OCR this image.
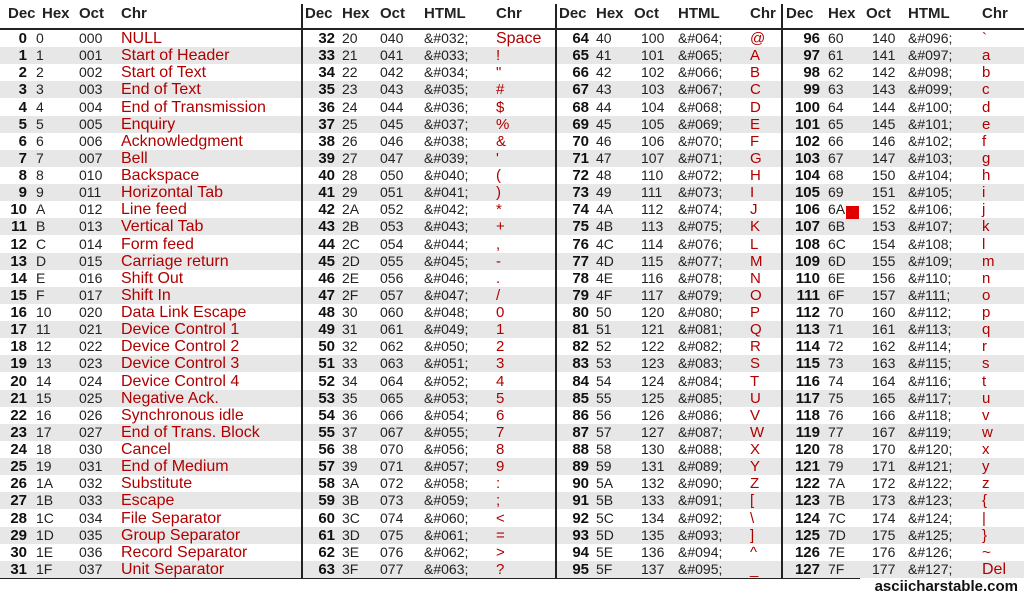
Dec Hex Oct Chr	Dec Hex Oct HTML Chr Dec Hex Oct HTML Chr Dec Hex Oct HTML Chr
0 0	000	NULL	32 20	040	&#032;	Space	64 40	100 &#064;	@	96 60	140 &#096;	`
1 1	001	Start of Header	33 21	041	&#033;	!	65 41	101 &#065;	A	97 61	141 &#097;	a
2 2	002	Start of Text	34 22	042	&#034;	"	66 42	102 &#066;	B	98 62	142 &#098;	b
3 3	003	End of Text	35 23	043	&#035;	#	67 43	103 &#067;	C	99 63	143 &#099;	c
4 4	004	End of Transmission	36 24	044	&#036;	$	68 44	104 &#068;	D	100 64	144 &#100;	d
5 5	005	Enquiry	37 25	045	&#037;	%	69 45	105 &#069;	E	101 65	145 &#101;	e
6 6	006	Acknowledgment	38 26	046	&#038;	&	70 46	106 &#070;	F	102 66	146 &#102;	f
7 7	007	Bell	39 27	047	&#039;	'	71 47	107 &#071;	G	103 67	147 &#103;	g
8 8	010	Backspace	40 28	050	&#040;	(	72 48	110	&#072;	H	104 68	150 &#104;	h
9 9	011	Horizontal Tab	41 29	051	&#041;	)	73 49	111	&#073;	I	105 69	151 &#105;	i
10 A	012	Line feed	42 2A	052	&#042;	*	74 4A	112	&#074;	J	106 6A	152 &#106;	j
11 B	013	Vertical Tab	43 2B	053	&#043;	+	75 4B	113	&#075;	K	107 6B	153 &#107;	k
12 C	014	Form feed	44 2C	054	&#044;	,	76 4C	114	&#076;	L	108 6C	154 &#108;	l
13 D	015	Carriage return	45 2D	055	&#045;	-	77 4D	115	&#077;	M	109 6D	155 &#109;	m
14 E	016	Shift Out	46 2E	056	&#046;	.	78 4E	116	&#078;	N	110 6E	156 &#110;	n
15 F	017	Shift In	47 2F	057	&#047;	/	79 4F	117	&#079;	O	111 6F	157 &#111;	o
16 10	020	Data Link Escape	48 30	060	&#048;	0	80 50	120 &#080;	P	112 70	160 &#112;	p
17 11	021	Device Control 1	49 31	061	&#049;	1	81 51	121 &#081;	Q	113 71	161 &#113;	q
18 12	022	Device Control 2	50 32	062	&#050;	2	82 52	122 &#082;	R	114 72	162 &#114;	r
19 13	023	Device Control 3	51 33	063	&#051;	3	83 53	123 &#083;	S	115 73	163 &#115;	s
20 14	024	Device Control 4	52 34	064	&#052;	4	84 54	124 &#084;	T	116 74	164 &#116;	t
21 15	025	Negative Ack.	53 35	065	&#053;	5	85 55	125 &#085;	U	117 75	165 &#117;	u
22 16	026	Synchronous idle	54 36	066	&#054;	6	86 56	126 &#086;	V	118 76	166 &#118;	v
23 17	027	End of Trans. Block	55 37	067	&#055;	7	87 57	127 &#087;	W	119 77	167 &#119;	w
24 18	030	Cancel	56 38	070	&#056;	8	88 58	130 &#088;	X	120 78	170 &#120;	x
25 19	031	End of Medium	57 39	071	&#057;	9	89 59	131 &#089;	Y	121 79	171 &#121;	y
26 1A	032	Substitute	58 3A	072	&#058;	:	90 5A	132 &#090;	Z	122 7A	172 &#122;	z
27 1B	033	Escape	59 3B	073	&#059;	;	91 5B	133 &#091;	[	123 7B	173 &#123;	{
28 1C	034	File Separator	60 3C	074	&#060;	<	92 5C	134 &#092;	\	124 7C	174 &#124;	|
29 1D	035	Group Separator	61 3D	075	&#061;	=	93 5D	135 &#093;	]	125 7D	175 &#125;	}
30 1E	036	Record Separator	62 3E	076	&#062;	>	94 5E	136 &#094;	^	126 7E	176 &#126;	~
31 1F	037	Unit Separator	63 3F	077	&#063;	?	95 5F	137 &#095;	_	127 7F	177 &#127;	Del
asciicharstable.com
